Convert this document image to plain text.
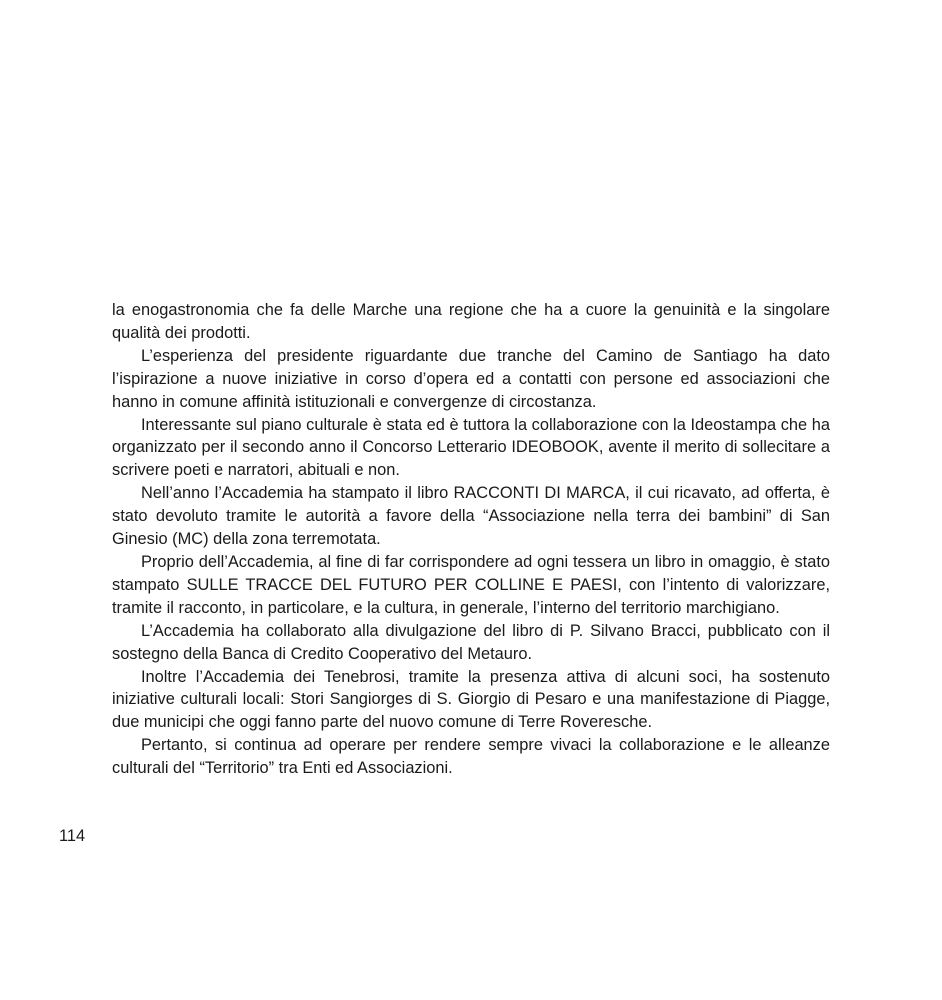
la enogastronomia che fa delle Marche una regione che ha a cuore la genuinità e la singolare qualità dei prodotti.

L’esperienza del presidente riguardante due tranche del Camino de Santiago ha dato l’ispirazione a nuove iniziative in corso d’opera ed a contatti con persone ed associazioni che hanno in comune affinità istituzionali e convergenze di circostanza.

Interessante sul piano culturale è stata ed è tuttora la collaborazione con la Ideostampa che ha organizzato per il secondo anno il Concorso Letterario IDEOBOOK, avente il merito di sollecitare a scrivere poeti e narratori, abituali e non.

Nell’anno l’Accademia ha stampato il libro RACCONTI DI MARCA, il cui ricavato, ad offerta, è stato devoluto tramite le autorità a favore della “Associazione nella terra dei bambini” di San Ginesio (MC) della zona terremotata.

Proprio dell’Accademia, al fine di far corrispondere ad ogni tessera un libro in omaggio, è stato stampato SULLE TRACCE DEL FUTURO PER COLLINE E PAESI, con l’intento di valorizzare, tramite il racconto, in particolare, e la cultura, in generale, l’interno del territorio marchigiano.

L’Accademia ha collaborato alla divulgazione del libro di P. Silvano Bracci, pubblicato con il sostegno della Banca di Credito Cooperativo del Metauro.

Inoltre l’Accademia dei Tenebrosi, tramite la presenza attiva di alcuni soci, ha sostenuto iniziative culturali locali: Stori Sangiorges di S. Giorgio di Pesaro e una manifestazione di Piagge, due municipi che oggi fanno parte del nuovo comune di Terre Roveresche.

Pertanto, si continua ad operare per rendere sempre vivaci la collaborazione e le alleanze culturali del “Territorio” tra Enti ed Associazioni.

114
